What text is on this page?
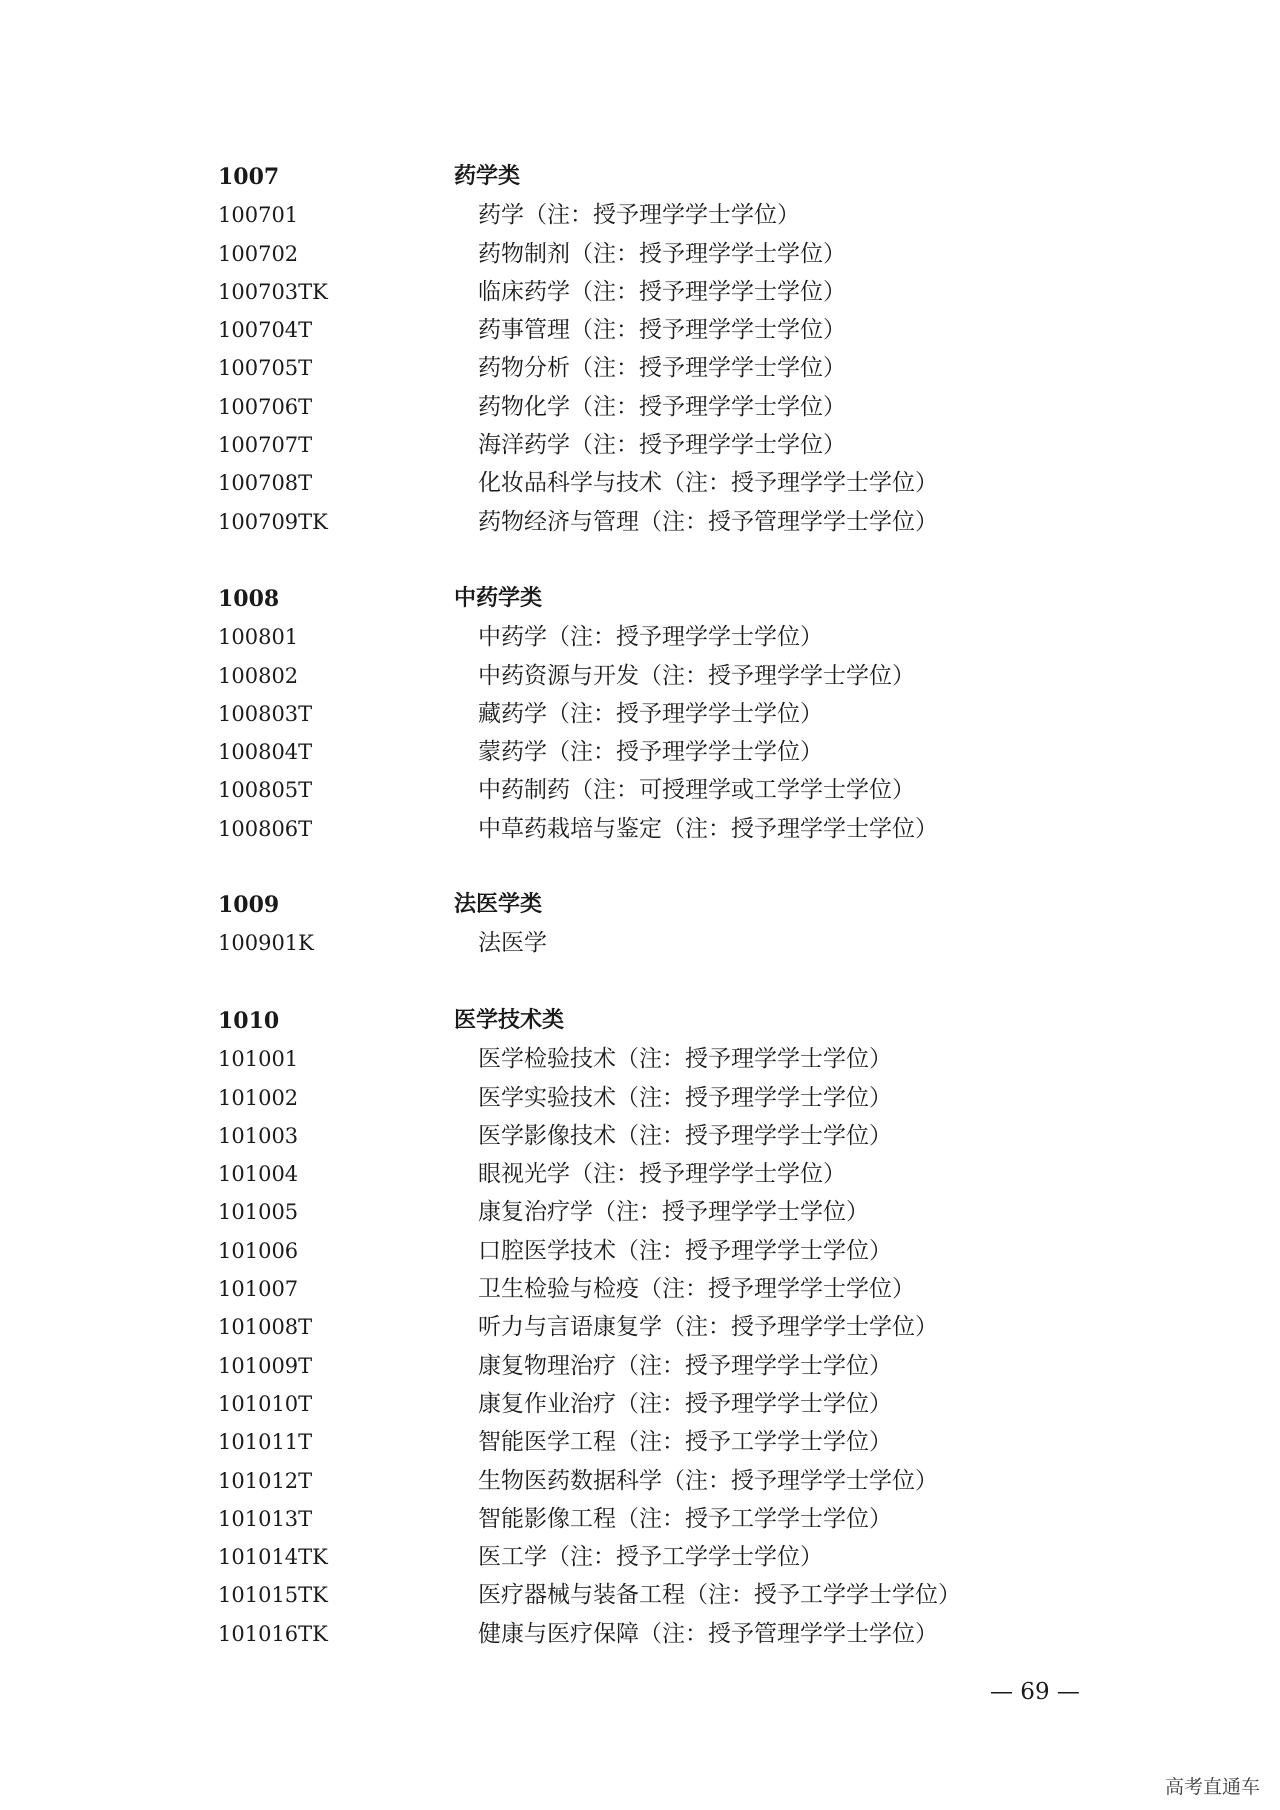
1007	药学类
100701	药学（注：授予理学学士学位）
100702	药物制剂（注：授予理学学士学位）
100703TK	临床药学（注：授予理学学士学位）
100704T	药事管理（注：授予理学学士学位）
100705T	药物分析（注：授予理学学士学位）
100706T	药物化学（注：授予理学学士学位）
100707T	海洋药学（注：授予理学学士学位）
100708T	化妆品科学与技术（注：授予理学学士学位）
100709TK	药物经济与管理（注：授予管理学学士学位）
1008	中药学类
100801	中药学（注：授予理学学士学位）
100802	中药资源与开发（注：授予理学学士学位）
100803T	藏药学（注：授予理学学士学位）
100804T	蒙药学（注：授予理学学士学位）
100805T	中药制药（注：可授理学或工学学士学位）
100806T	中草药栽培与鉴定（注：授予理学学士学位）
1009	法医学类
100901K	法医学
1010	医学技术类
101001	医学检验技术（注：授予理学学士学位）
101002	医学实验技术（注：授予理学学士学位）
101003	医学影像技术（注：授予理学学士学位）
101004	眼视光学（注：授予理学学士学位）
101005	康复治疗学（注：授予理学学士学位）
101006	口腔医学技术（注：授予理学学士学位）
101007	卫生检验与检疫（注：授予理学学士学位）
101008T	听力与言语康复学（注：授予理学学士学位）
101009T	康复物理治疗（注：授予理学学士学位）
101010T	康复作业治疗（注：授予理学学士学位）
101011T	智能医学工程（注：授予工学学士学位）
101012T	生物医药数据科学（注：授予理学学士学位）
101013T	智能影像工程（注：授予工学学士学位）
101014TK	医工学（注：授予工学学士学位）
101015TK	医疗器械与装备工程（注：授予工学学士学位）
101016TK	健康与医疗保障（注：授予管理学学士学位）
— 69 —
高考直通车
